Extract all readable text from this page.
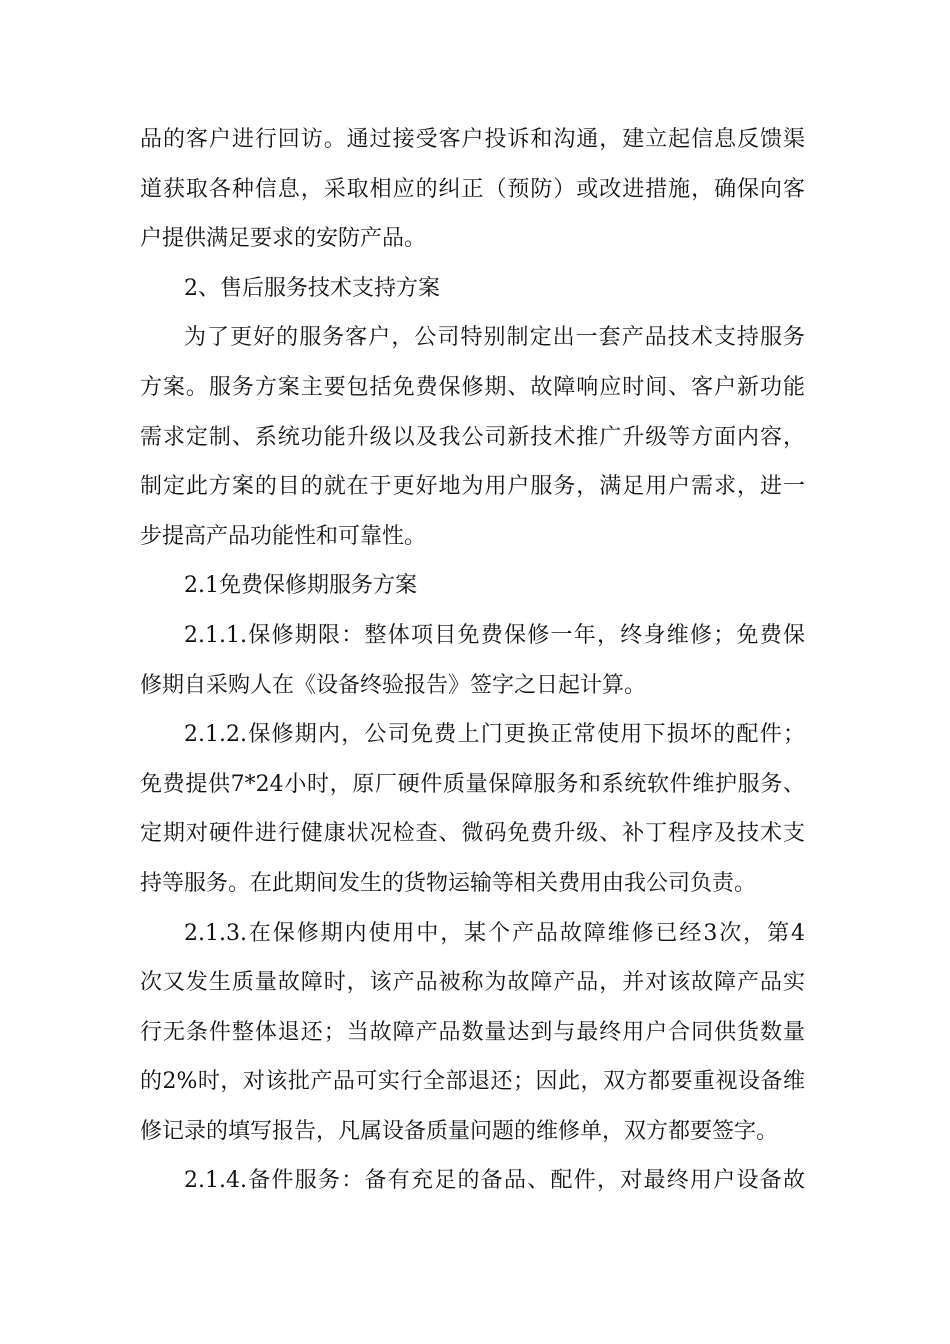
品的客户进行回访。通过接受客户投诉和沟通，建立起信息反馈渠
道获取各种信息，采取相应的纠正（预防）或改进措施，确保向客
户提供满足要求的安防产品。
2、售后服务技术支持方案
为了更好的服务客户，公司特别制定出一套产品技术支持服务
方案。服务方案主要包括免费保修期、故障响应时间、客户新功能
需求定制、系统功能升级以及我公司新技术推广升级等方面内容，
制定此方案的目的就在于更好地为用户服务，满足用户需求，进一
步提高产品功能性和可靠性。
2.1免费保修期服务方案
2.1.1.保修期限：整体项目免费保修一年，终身维修；免费保
修期自采购人在《设备终验报告》签字之日起计算。
2.1.2.保修期内，公司免费上门更换正常使用下损坏的配件；
免费提供7*24小时，原厂硬件质量保障服务和系统软件维护服务、
定期对硬件进行健康状况检查、微码免费升级、补丁程序及技术支
持等服务。在此期间发生的货物运输等相关费用由我公司负责。
2.1.3.在保修期内使用中，某个产品故障维修已经3次，第4
次又发生质量故障时，该产品被称为故障产品，并对该故障产品实
行无条件整体退还；当故障产品数量达到与最终用户合同供货数量
的2%时，对该批产品可实行全部退还；因此，双方都要重视设备维
修记录的填写报告，凡属设备质量问题的维修单，双方都要签字。
2.1.4.备件服务：备有充足的备品、配件，对最终用户设备故
